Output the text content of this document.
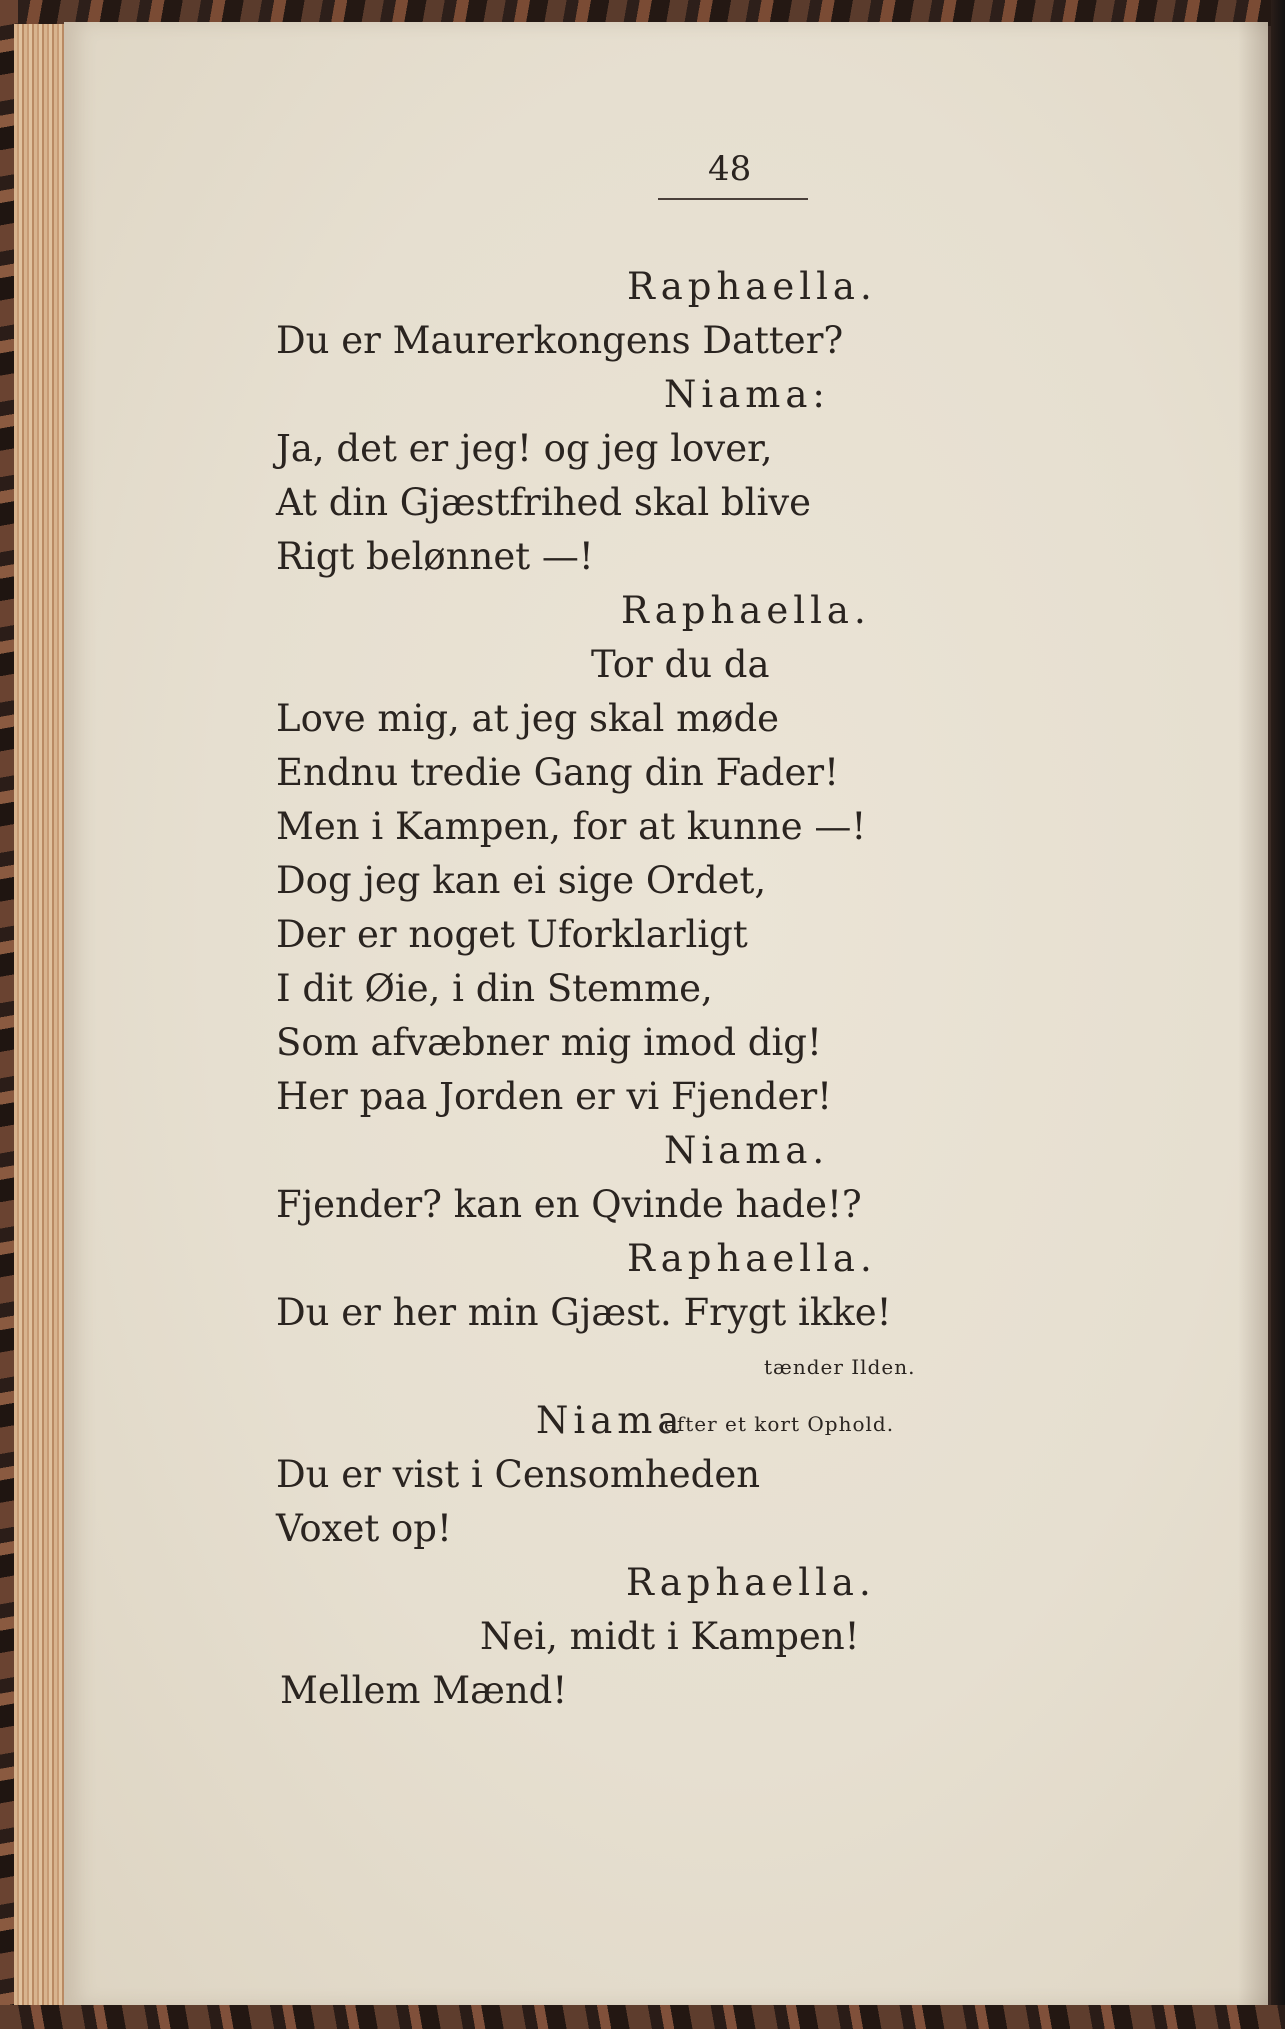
48

Raphaella.

Du er Maurerkongens Datter?

Niama:

Ja, det er jeg! og jeg lover,

At din Gjæstfrihed skal blive

Rigt belønnet —!

Raphaella.

Tor du da

Love mig, at jeg skal møde

Endnu tredie Gang din Fader!

Men i Kampen, for at kunne —!

Dog jeg kan ei sige Ordet,

Der er noget Uforklarligt

I dit Øie, i din Stemme,

Som afvæbner mig imod dig!

Her paa Jorden er vi Fjender!

Niama.

Fjender? kan en Qvinde hade!?

Raphaella.

Du er her min Gjæst. Frygt ikke!

tænder Ilden.

Niama

efter et kort Ophold.

Du er vist i Censomheden

Voxet op!

Raphaella.

Nei, midt i Kampen!

Mellem Mænd!
